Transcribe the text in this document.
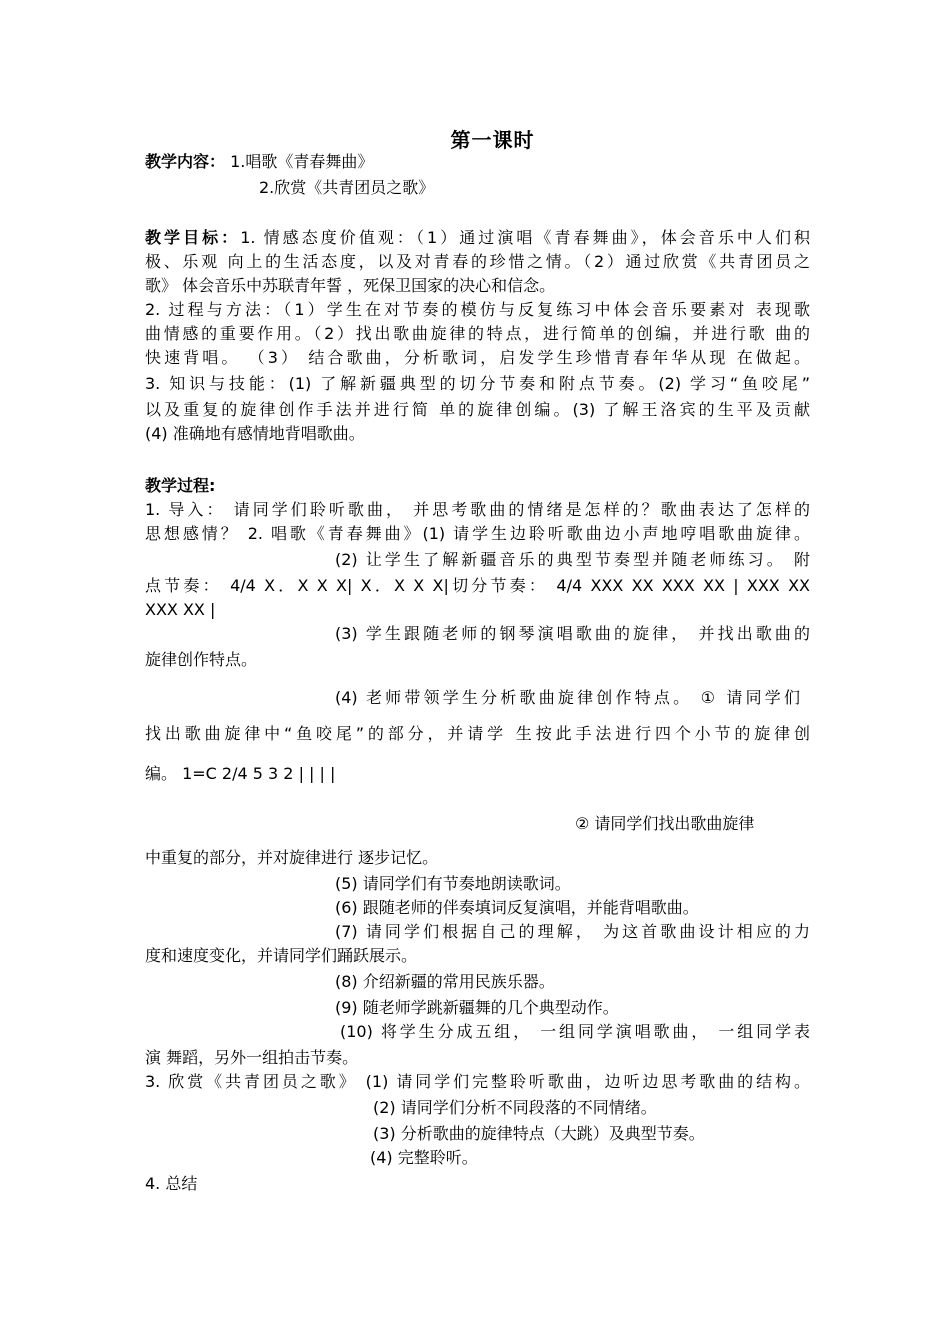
第一课时
教学内容： 1.唱歌《青春舞曲》
2.欣赏《共青团员之歌》
教学目标：1. 情感态度价值观：（1）通过演唱《青春舞曲》，体会音乐中人们积
极、乐观 向上的生活态度，以及对青春的珍惜之情。（2）通过欣赏《共青团员之
歌》 体会音乐中苏联青年誓 ，死保卫国家的决心和信念。
2. 过程与方法：（1）学生在对节奏的模仿与反复练习中体会音乐要素对 表现歌
曲情感的重要作用。（2）找出歌曲旋律的特点，进行简单的创编，并进行歌 曲的
快速背唱。 （3） 结合歌曲，分析歌词，启发学生珍惜青春年华从现 在做起。
3. 知识与技能：(1) 了解新疆典型的切分节奏和附点节奏。(2) 学习“鱼咬尾”
以及重复的旋律创作手法并进行简 单的旋律创编。(3) 了解王洛宾的生平及贡献
(4) 准确地有感情地背唱歌曲。
教学过程:
1. 导入： 请同学们聆听歌曲， 并思考歌曲的情绪是怎样的？歌曲表达了怎样的
思想感情？ 2. 唱歌《青春舞曲》(1) 请学生边聆听歌曲边小声地哼唱歌曲旋律。
(2) 让学生了解新疆音乐的典型节奏型并随老师练习。 附
点节奏： 4/4 X．X X X| X．X X X|切分节奏： 4/4 XXX XX XXX XX | XXX XX
XXX XX |
(3) 学生跟随老师的钢琴演唱歌曲的旋律， 并找出歌曲的
旋律创作特点。
(4) 老师带领学生分析歌曲旋律创作特点。 ① 请同学们
找出歌曲旋律中“鱼咬尾”的部分，并请学 生按此手法进行四个小节的旋律创
编。 1=C 2/4 5 3 2 | | | |
② 请同学们找出歌曲旋律
中重复的部分，并对旋律进行 逐步记忆。
(5) 请同学们有节奏地朗读歌词。
(6) 跟随老师的伴奏填词反复演唱，并能背唱歌曲。
(7) 请同学们根据自己的理解， 为这首歌曲设计相应的力
度和速度变化，并请同学们踊跃展示。
(8) 介绍新疆的常用民族乐器。
(9) 随老师学跳新疆舞的几个典型动作。
(10) 将学生分成五组， 一组同学演唱歌曲， 一组同学表
演 舞蹈，另外一组拍击节奏。
3. 欣赏《共青团员之歌》 (1) 请同学们完整聆听歌曲，边听边思考歌曲的结构。
(2) 请同学们分析不同段落的不同情绪。
(3) 分析歌曲的旋律特点（大跳）及典型节奏。
(4) 完整聆听。
4. 总结
